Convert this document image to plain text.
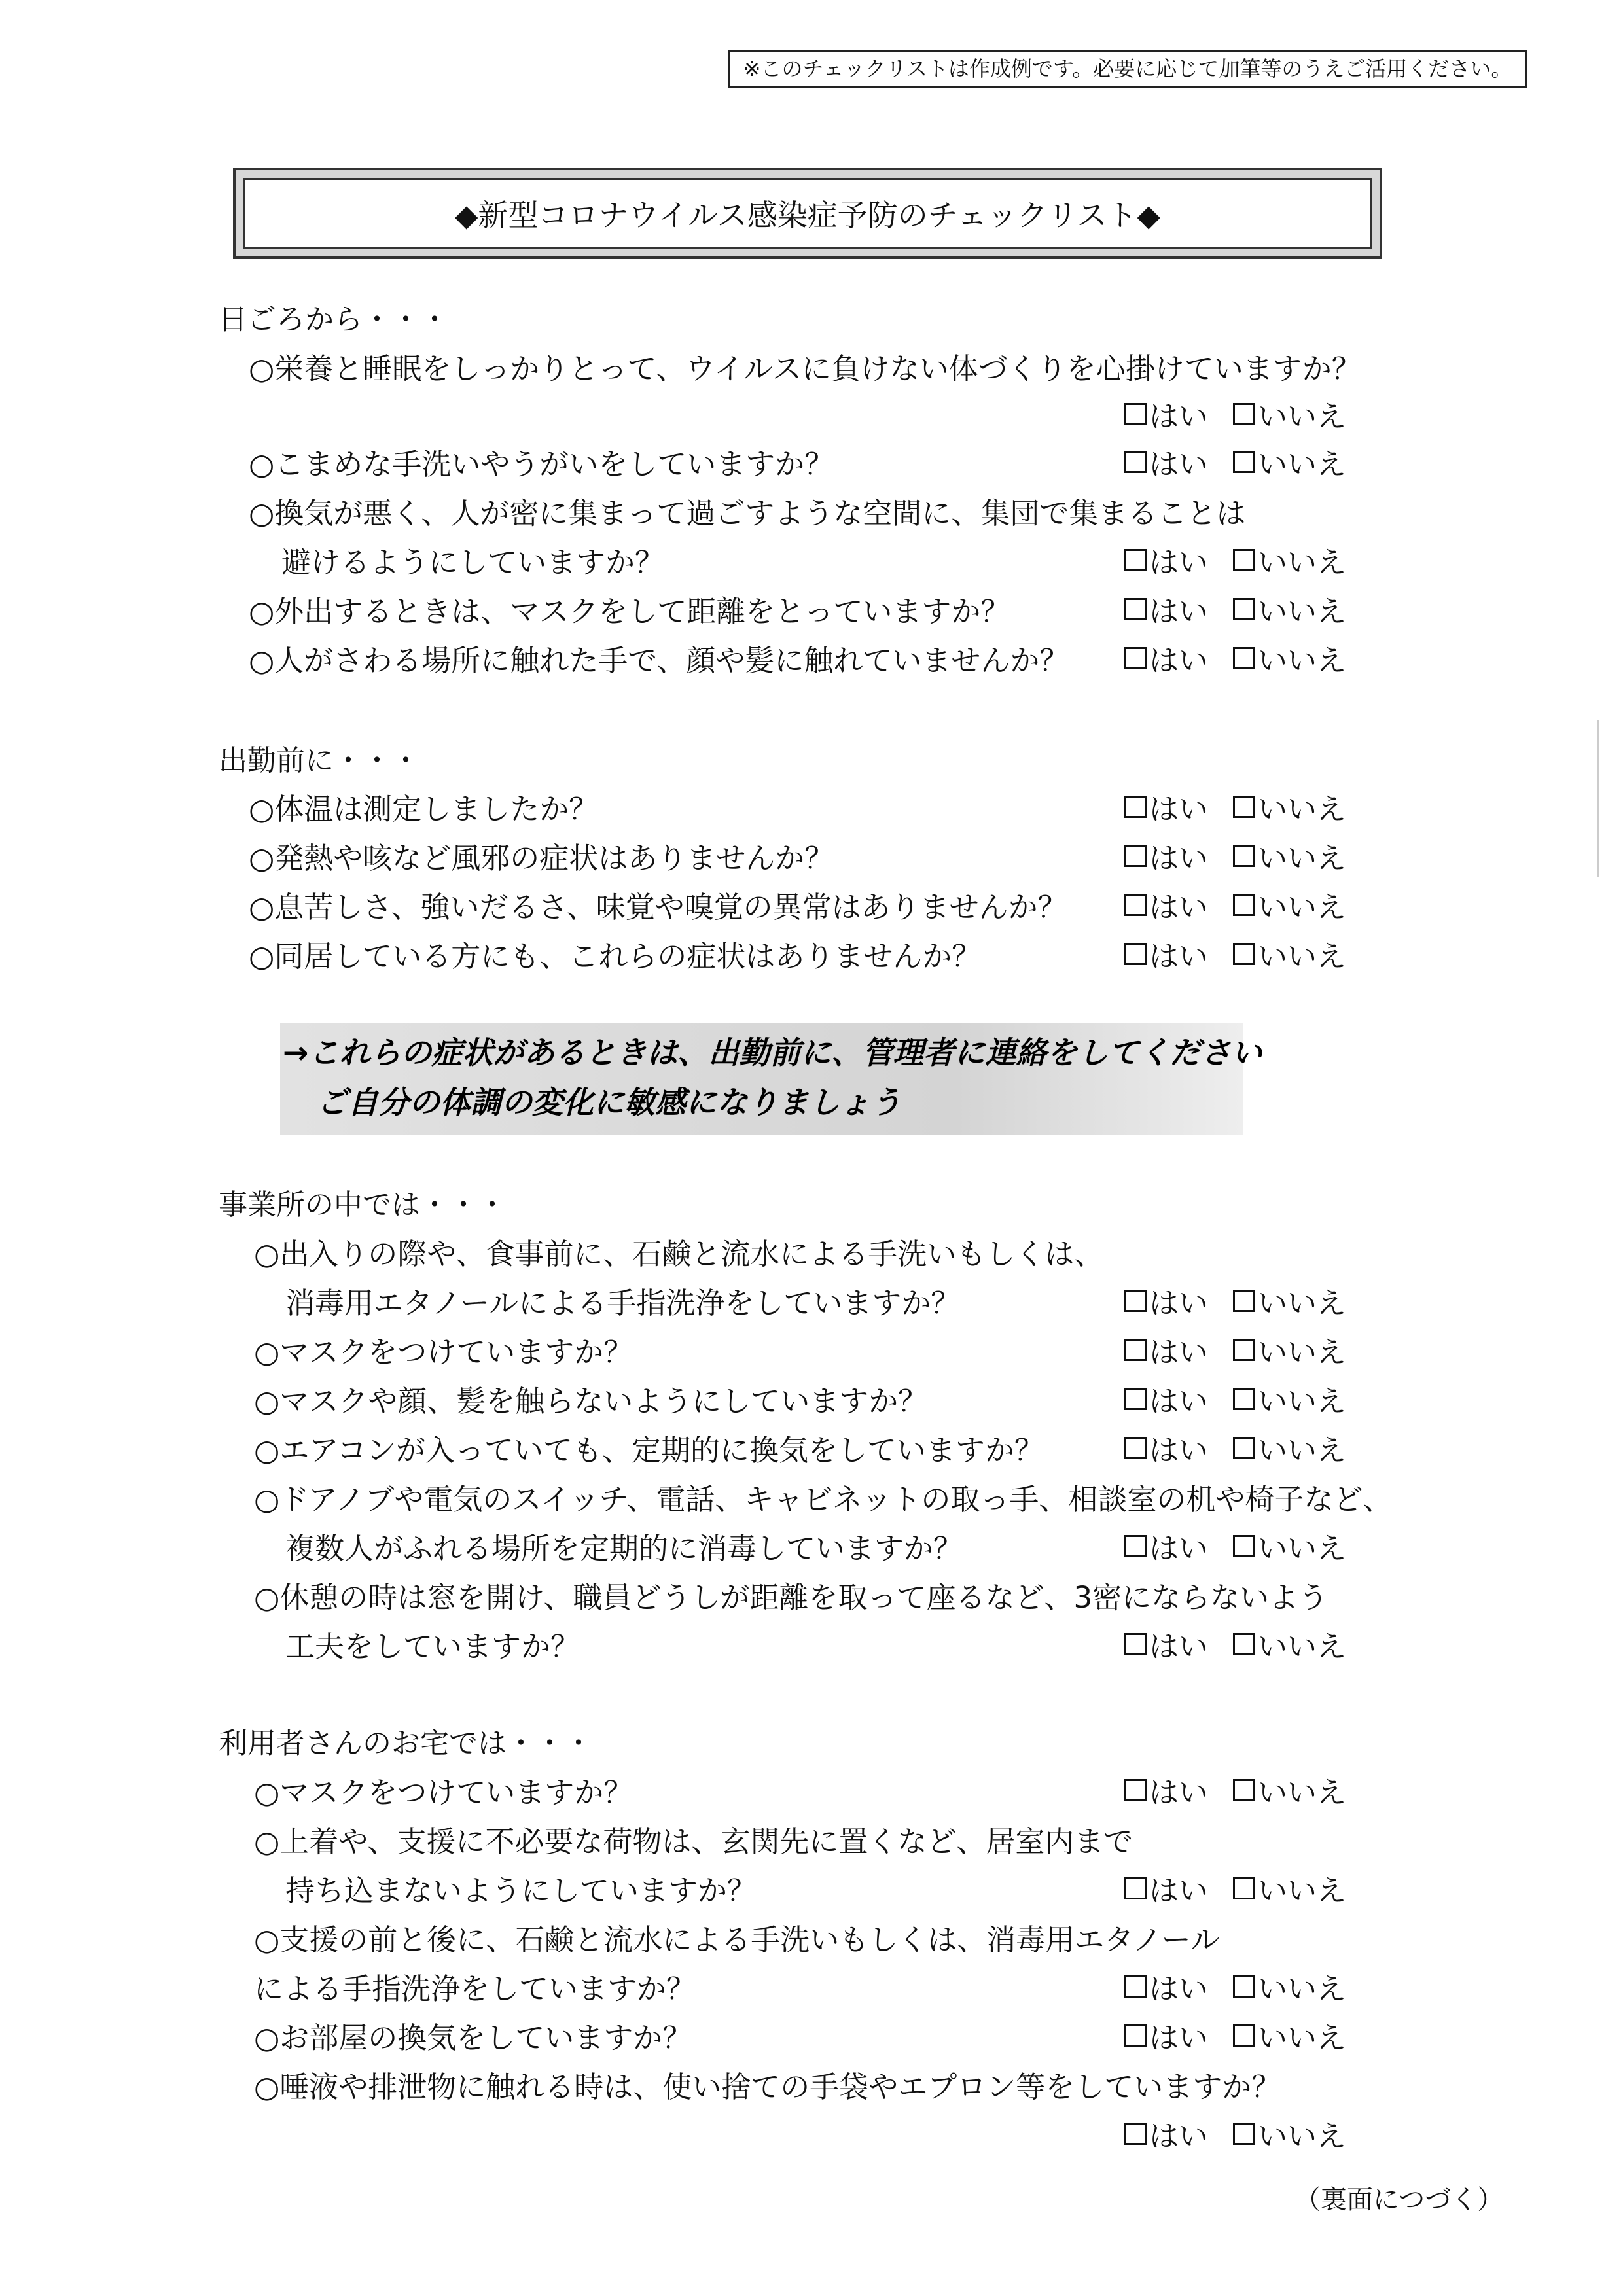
※このチェックリストは作成例です。必要に応じて加筆等のうえご活用ください。
◆新型コロナウイルス感染症予防のチェックリスト◆
→これらの症状があるときは、出勤前に、管理者に連絡をしてください
ご自分の体調の変化に敏感になりましょう
日ごろから・・・
○栄養と睡眠をしっかりとって、ウイルスに負けない体づくりを心掛けていますか？
はい いいえ
○こまめな手洗いやうがいをしていますか？	はい いいえ
○換気が悪く、人が密に集まって過ごすような空間に、集団で集まることは
避けるようにしていますか？	はい いいえ
○外出するときは、マスクをして距離をとっていますか？	はい いいえ
○人がさわる場所に触れた手で、顔や髪に触れていませんか？	はい いいえ
出勤前に・・・
○体温は測定しましたか？	はい いいえ
○発熱や咳など風邪の症状はありませんか？	はい いいえ
○息苦しさ、強いだるさ、味覚や嗅覚の異常はありませんか？	はい いいえ
○同居している方にも、これらの症状はありませんか？	はい いいえ
事業所の中では・・・
○出入りの際や、食事前に、石鹸と流水による手洗いもしくは、
消毒用エタノールによる手指洗浄をしていますか？	はい いいえ
○マスクをつけていますか？	はい いいえ
○マスクや顔、髪を触らないようにしていますか？	はい いいえ
○エアコンが入っていても、定期的に換気をしていますか？	はい いいえ
○ドアノブや電気のスイッチ、電話、キャビネットの取っ手、相談室の机や椅子など、
複数人がふれる場所を定期的に消毒していますか？	はい いいえ
○休憩の時は窓を開け、職員どうしが距離を取って座るなど、3密にならないよう
工夫をしていますか？	はい いいえ
利用者さんのお宅では・・・
○マスクをつけていますか？	はい いいえ
○上着や、支援に不必要な荷物は、玄関先に置くなど、居室内まで
持ち込まないようにしていますか？	はい いいえ
○支援の前と後に、石鹸と流水による手洗いもしくは、消毒用エタノール
による手指洗浄をしていますか？	はい いいえ
○お部屋の換気をしていますか？	はい いいえ
○唾液や排泄物に触れる時は、使い捨ての手袋やエプロン等をしていますか？
はい いいえ
（裏面につづく）
